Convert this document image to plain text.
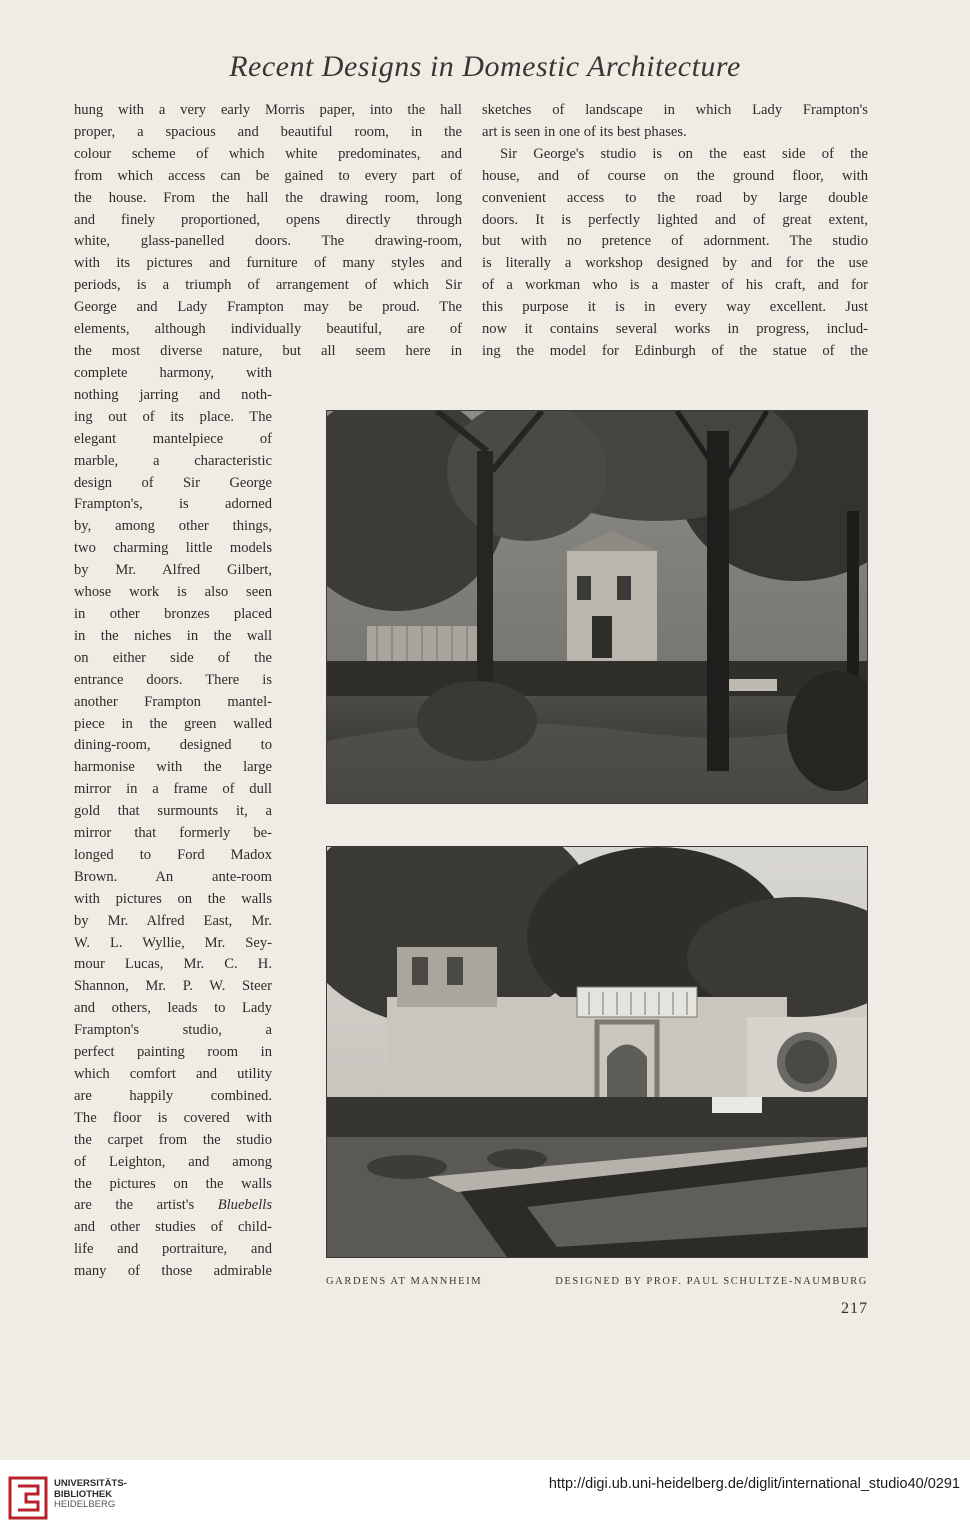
Recent Designs in Domestic Architecture
hung with a very early Morris paper, into the hall
proper, a spacious and beautiful room, in the
colour scheme of which white predominates, and
from which access can be gained to every part of
the house. From the hall the drawing room, long
and finely proportioned, opens directly through
white, glass-panelled doors. The drawing-room,
with its pictures and furniture of many styles and
periods, is a triumph of arrangement of which Sir
George and Lady Frampton may be proud. The
elements, although individually beautiful, are of
the most diverse nature, but all seem here in
complete harmony, with
nothing jarring and noth-
ing out of its place. The
elegant mantelpiece of
marble, a characteristic
design of Sir George
Frampton's, is adorned
by, among other things,
two charming little models
by Mr. Alfred Gilbert,
whose work is also seen
in other bronzes placed
in the niches in the wall
on either side of the
entrance doors. There is
another Frampton mantel-
piece in the green walled
dining-room, designed to
harmonise with the large
mirror in a frame of dull
gold that surmounts it, a
mirror that formerly be-
longed to Ford Madox
Brown. An ante-room
with pictures on the walls
by Mr. Alfred East, Mr.
W. L. Wyllie, Mr. Sey-
mour Lucas, Mr. C. H.
Shannon, Mr. P. W. Steer
and others, leads to Lady
Frampton's studio, a
perfect painting room in
which comfort and utility
are happily combined.
The floor is covered with
the carpet from the studio
of Leighton, and among
the pictures on the walls
are the artist's Bluebells
and other studies of child-
life and portraiture, and
many of those admirable
sketches of landscape in which Lady Frampton's
art is seen in one of its best phases.
Sir George's studio is on the east side of the
house, and of course on the ground floor, with
convenient access to the road by large double
doors. It is perfectly lighted and of great extent,
but with no pretence of adornment. The studio
is literally a workshop designed by and for the use
of a workman who is a master of his craft, and for
this purpose it is in every way excellent. Just
now it contains several works in progress, includ-
ing the model for Edinburgh of the statue of the
GARDENS AT MANNHEIM	DESIGNED BY PROF. PAUL SCHULTZE-NAUMBURG
217
UNIVERSITÄTS-
BIBLIOTHEK
HEIDELBERG
http://digi.ub.uni-heidelberg.de/diglit/international_studio40/0291
